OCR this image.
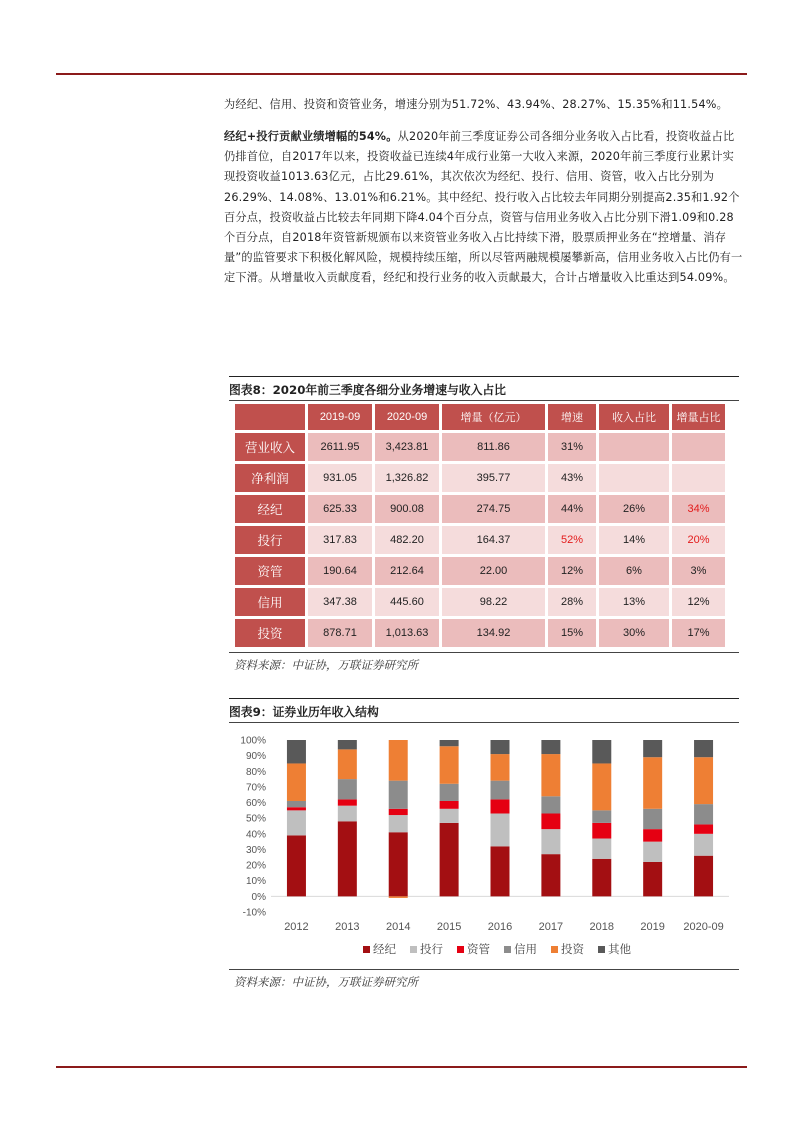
为经纪、信用、投资和资管业务，增速分别为51.72%、43.94%、28.27%、15.35%和11.54%。

经纪+投行贡献业绩增幅的54%。从2020年前三季度证券公司各细分业务收入占比看，投资收益占比仍排首位，自2017年以来，投资收益已连续4年成行业第一大收入来源，2020年前三季度行业累计实现投资收益1013.63亿元，占比29.61%，其次依次为经纪、投行、信用、资管，收入占比分别为26.29%、14.08%、13.01%和6.21%。其中经纪、投行收入占比较去年同期分别提高2.35和1.92个百分点，投资收益占比较去年同期下降4.04个百分点，资管与信用业务收入占比分别下滑1.09和0.28个百分点，自2018年资管新规颁布以来资管业务收入占比持续下滑，股票质押业务在“控增量、消存量”的监管要求下积极化解风险，规模持续压缩，所以尽管两融规模屡攀新高，信用业务收入占比仍有一定下滑。从增量收入贡献度看，经纪和投行业务的收入贡献最大，合计占增量收入比重达到54.09%。

图表8：2020年前三季度各细分业务增速与收入占比
	2019-09	2020-09	增量（亿元）	增速	收入占比	增量占比
营业收入	2611.95	3,423.81	811.86	31%		
净利润	931.05	1,326.82	395.77	43%		
经纪	625.33	900.08	274.75	44%	26%	34%
投行	317.83	482.20	164.37	52%	14%	20%
资管	190.64	212.64	22.00	12%	6%	3%
信用	347.38	445.60	98.22	28%	13%	12%
投资	878.71	1,013.63	134.92	15%	30%	17%
资料来源：中证协，万联证券研究所
图表9：证券业历年收入结构
100%
90%
80%
70%
60%
50%
40%
30%
20%
10%
0%
-10%
2012 2013 2014 2015 2016 2017 2018 2019 2020-09
经纪 投行 资管 信用 投资 其他
资料来源：中证协，万联证券研究所
